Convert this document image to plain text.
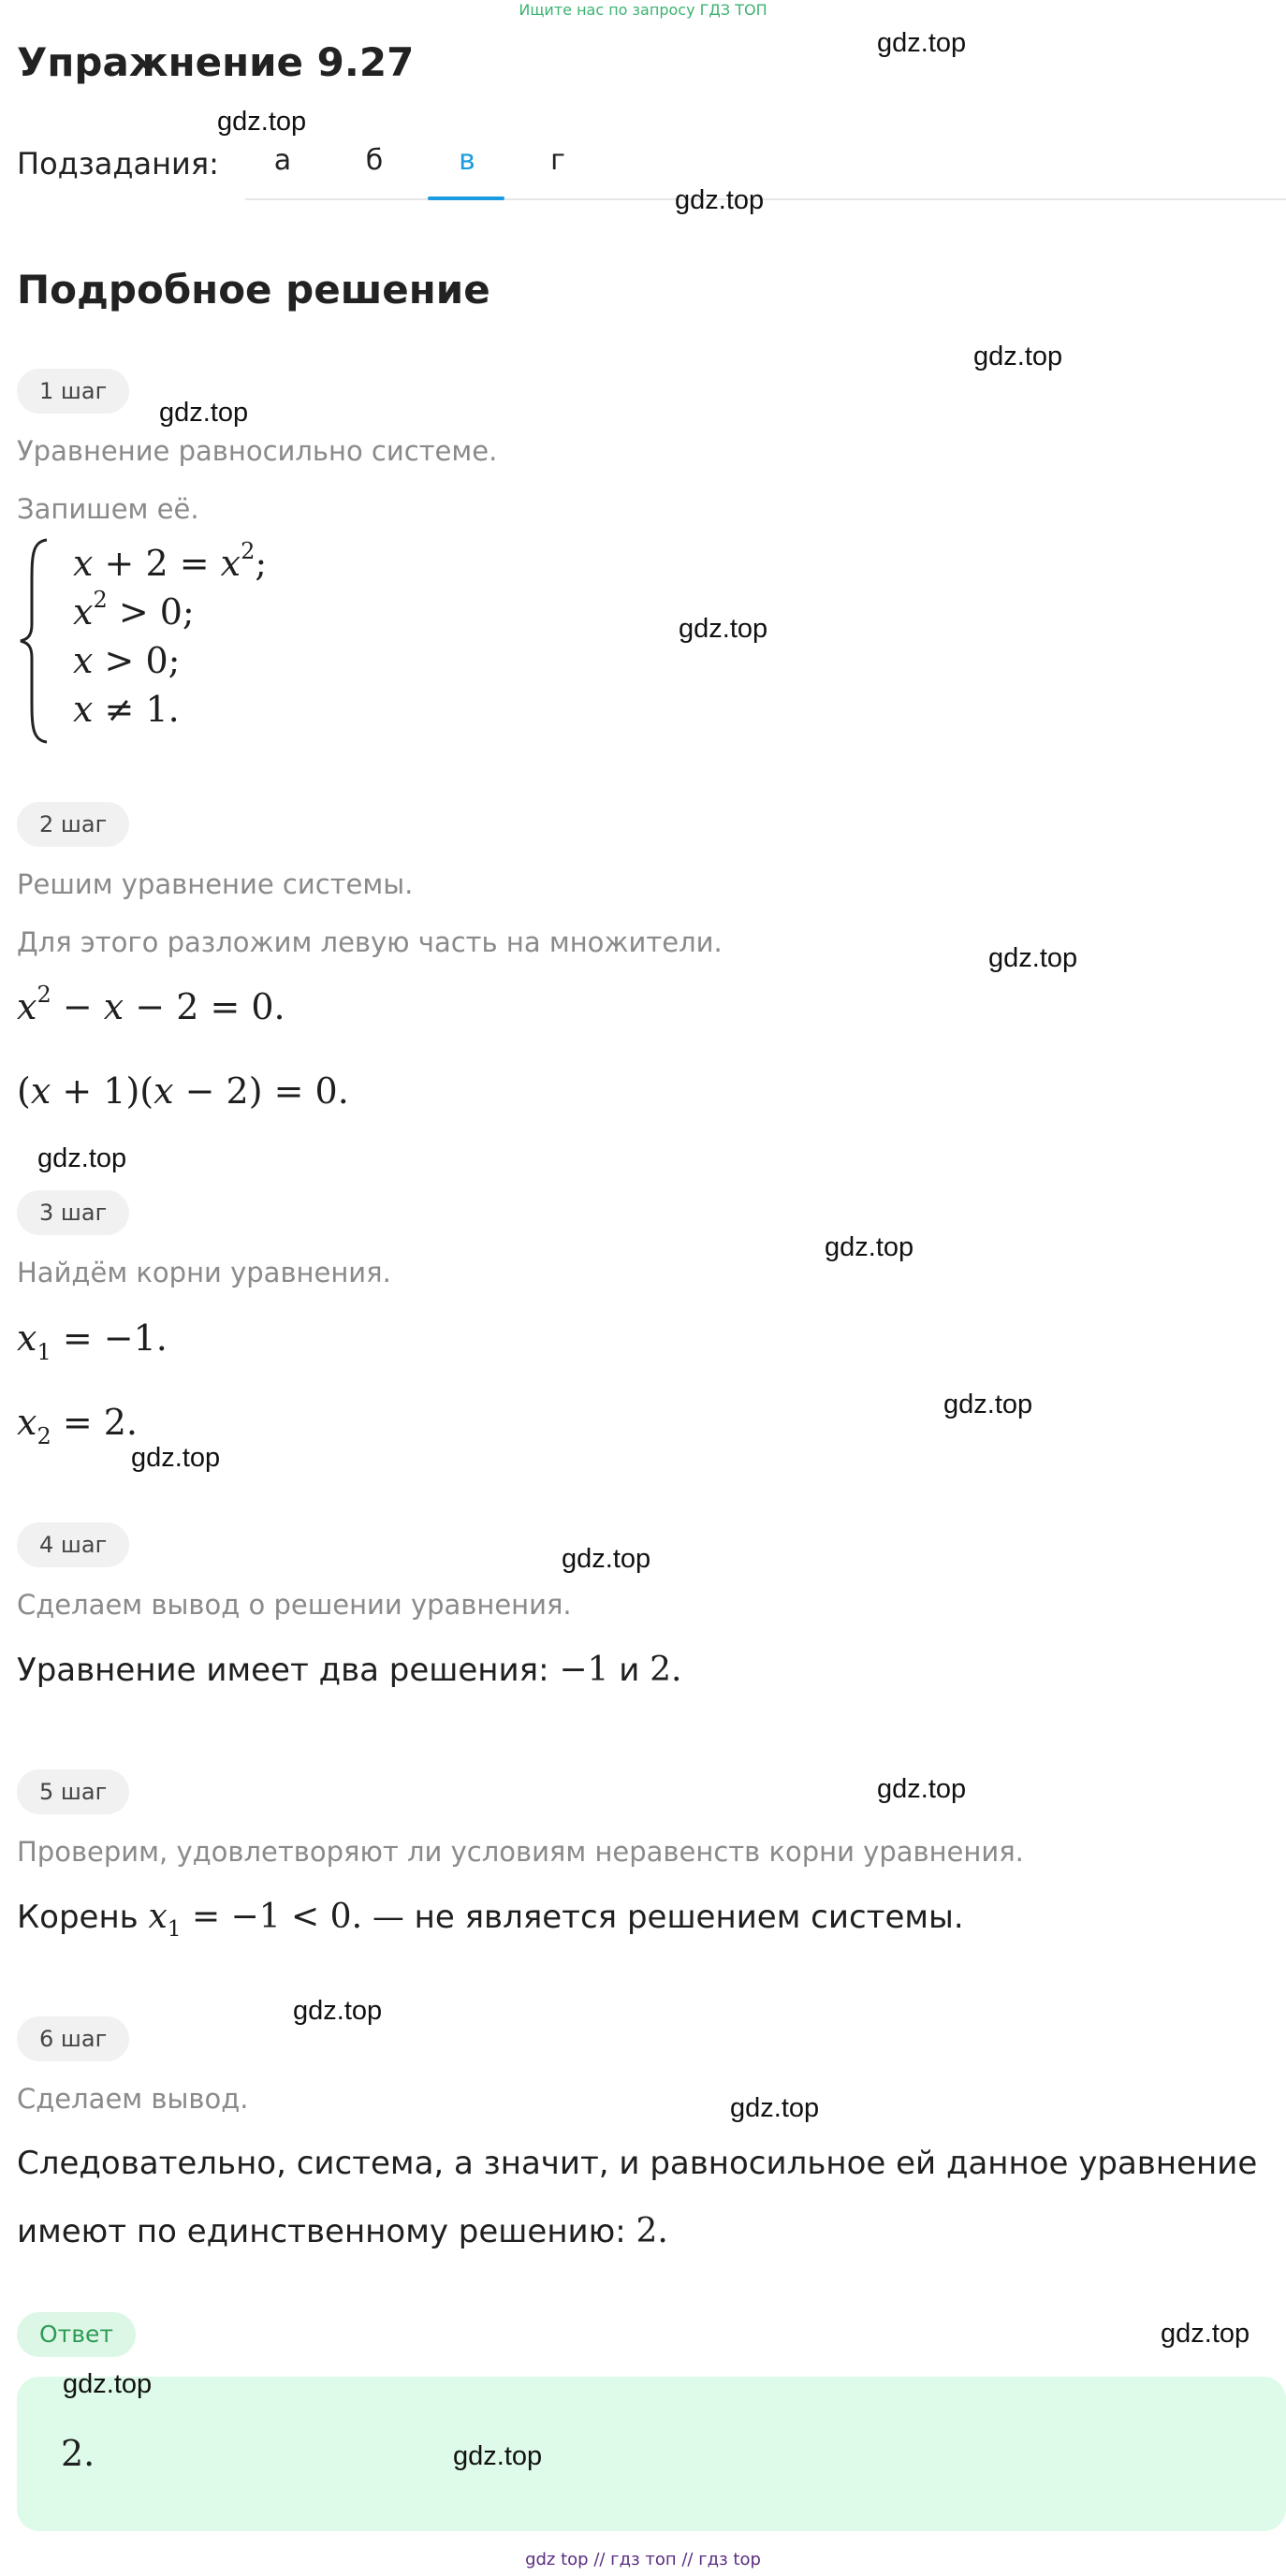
Ищите нас по запросу ГДЗ ТОП
Упражнение 9.27
Подзадания: а	б	в	г
Подробное решение
1 шаг
Уравнение равносильно системе.
Запишем её.
$x + 2 = x^2$;
$x^2 > 0$;
x > 0;
x ≠ 1.
2 шаг
Решим уравнение системы.
Для этого разложим левую часть на множители.
$x^2 - x - 2 = 0$.
(x + 1)(x − 2) = 0.
3 шаг
Найдём корни уравнения.
$x_1 = -1$.
$x_2 = 2$.
4 шаг
Сделаем вывод о решении уравнения.
Уравнение имеет два решения: −1 и 2.
5 шаг
Проверим, удовлетворяют ли условиям неравенств корни уравнения.
Корень $x_1 = -1 < 0$. — не является решением системы.
6 шаг
Сделаем вывод.
Следовательно, система, а значит, и равносильное ей данное уравнение
имеют по единственному решению: 2.
Ответ
2.
gdz.top
gdz.top
gdz.top
gdz.top
gdz.top
gdz.top
gdz.top
gdz.top
gdz.top
gdz.top
gdz.top
gdz.top
gdz.top
gdz.top
gdz.top
gdz.top
gdz.top
gdz.top
gdz top // гдз топ // гдз top
